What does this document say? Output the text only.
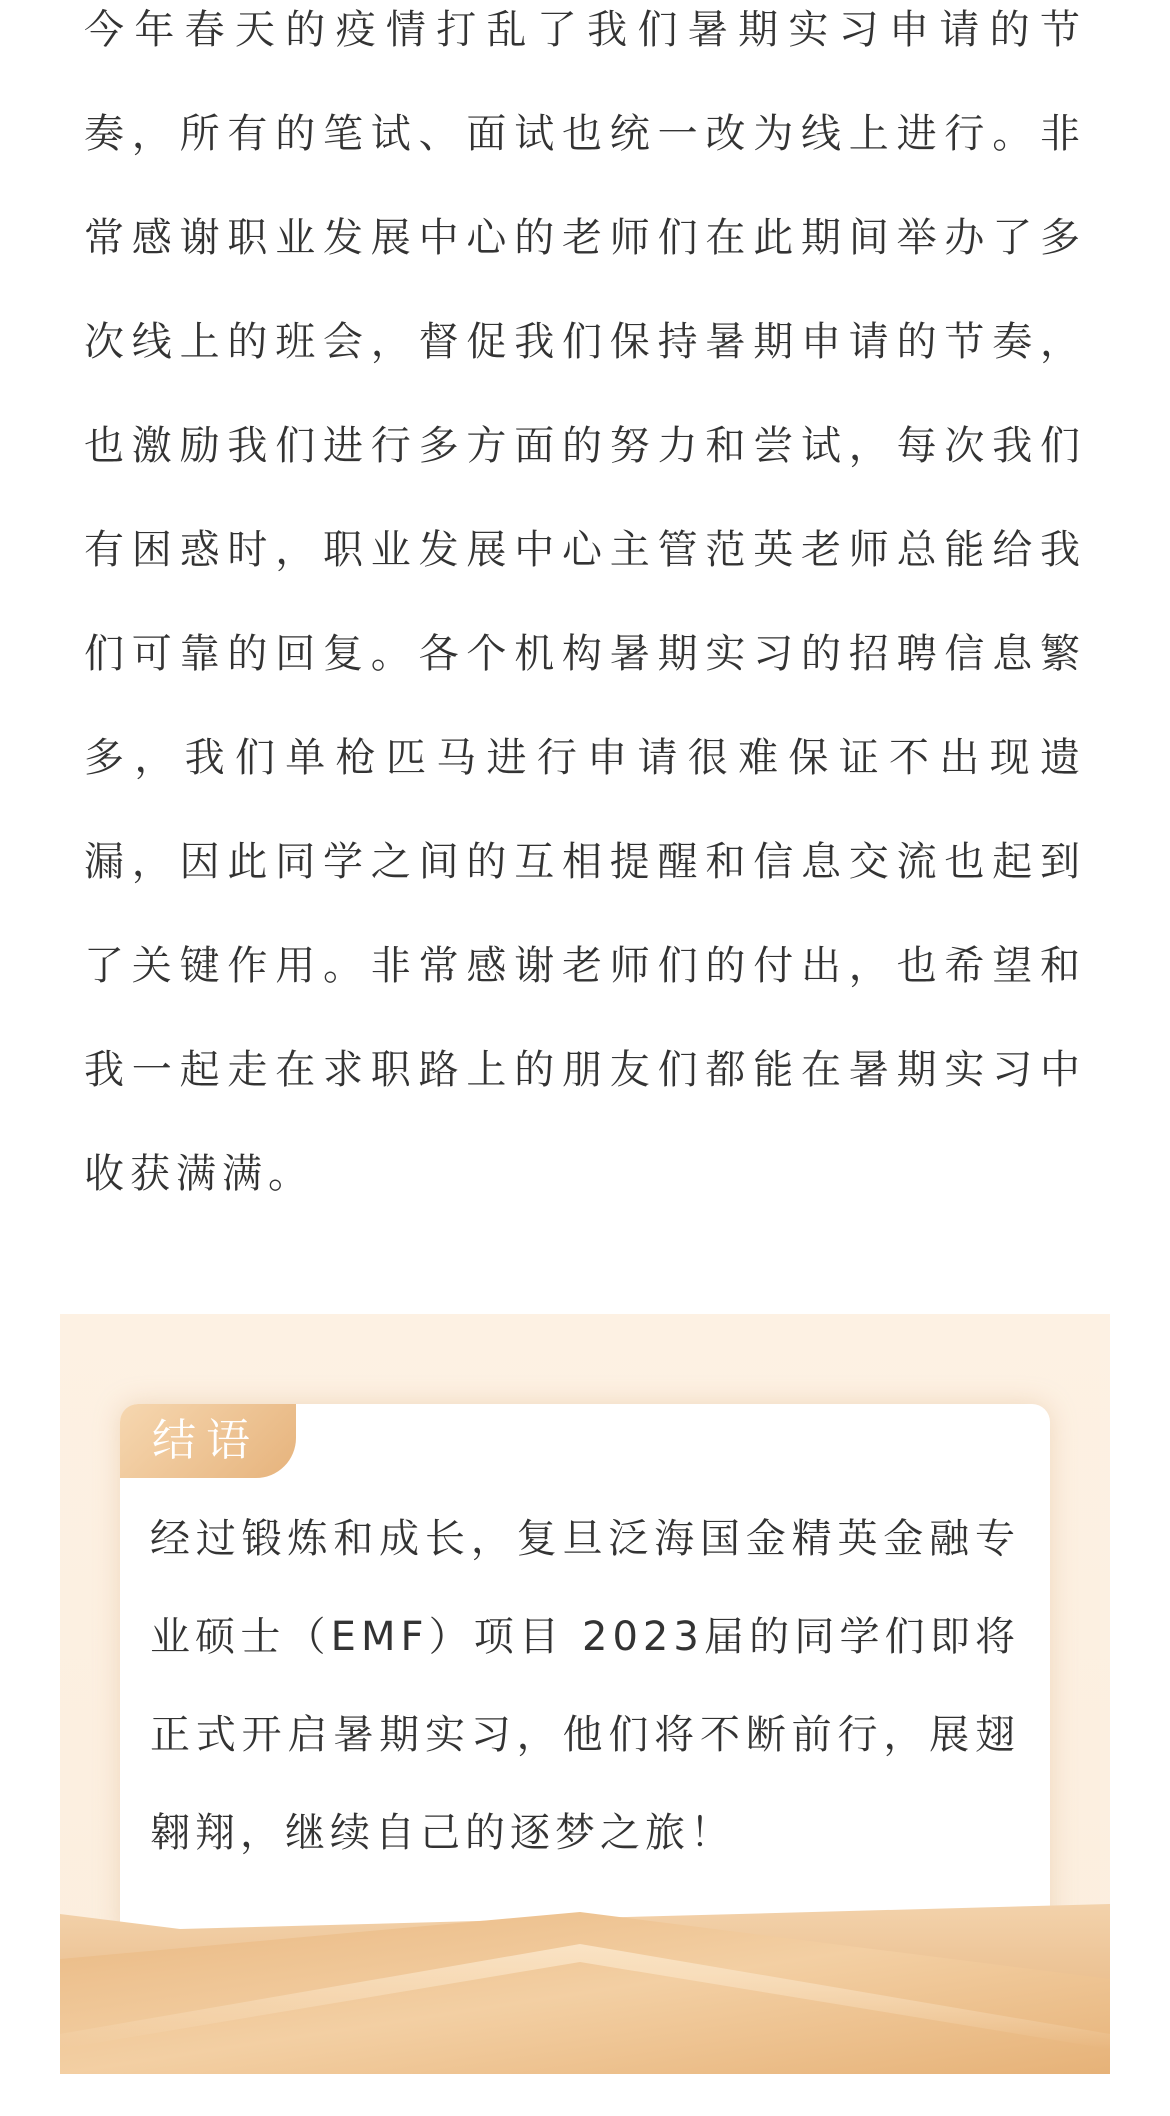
今年春天的疫情打乱了我们暑期实习申请的节奏，所有的笔试、面试也统一改为线上进行。非常感谢职业发展中心的老师们在此期间举办了多次线上的班会，督促我们保持暑期申请的节奏，也激励我们进行多方面的努力和尝试，每次我们有困惑时，职业发展中心主管范英老师总能给我们可靠的回复。各个机构暑期实习的招聘信息繁多，我们单枪匹马进行申请很难保证不出现遗漏，因此同学之间的互相提醒和信息交流也起到了关键作用。非常感谢老师们的付出，也希望和我一起走在求职路上的朋友们都能在暑期实习中收获满满。

结语

经过锻炼和成长，复旦泛海国金精英金融专业硕士（EMF）项目 2023届的同学们即将正式开启暑期实习，他们将不断前行，展翅翱翔，继续自己的逐梦之旅！
